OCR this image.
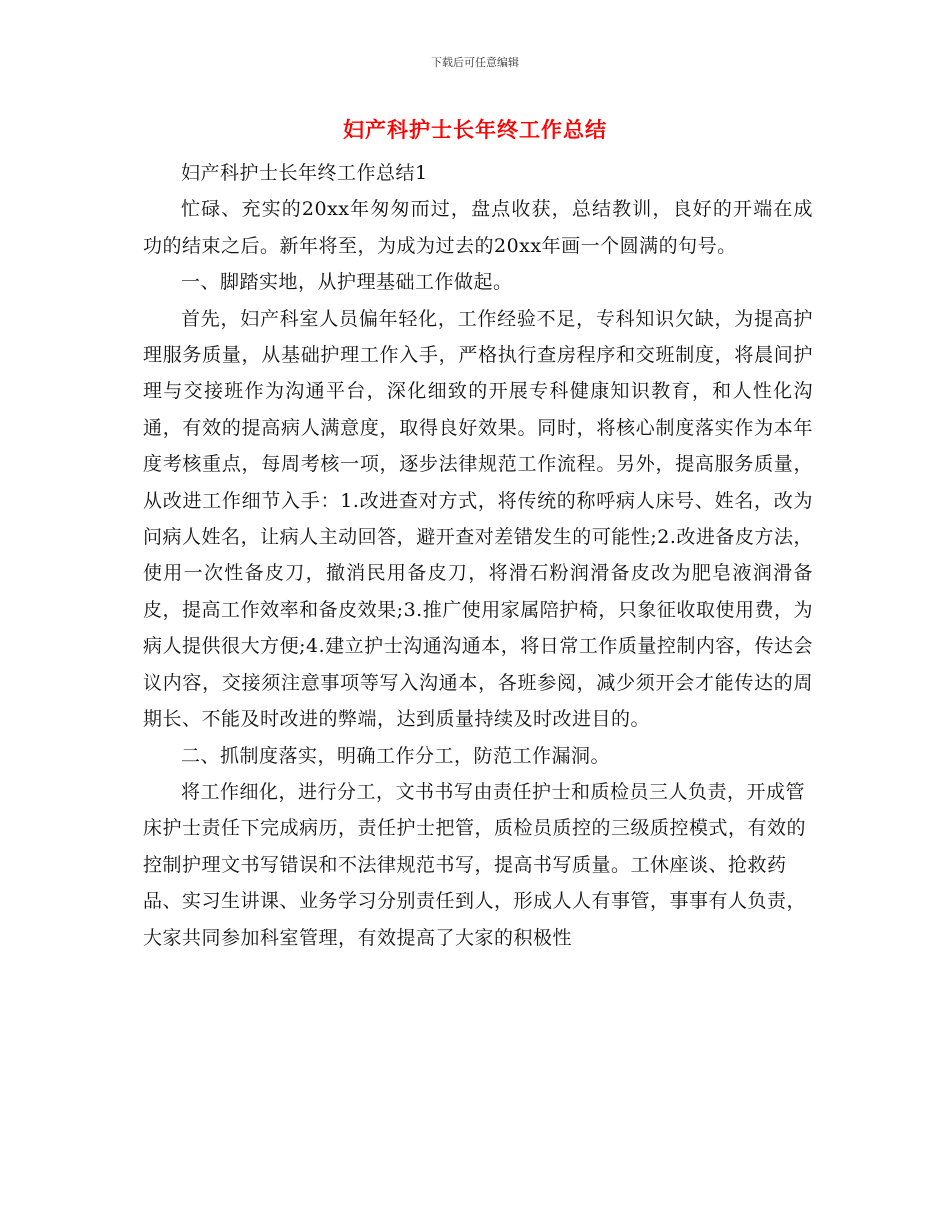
下载后可任意编辑
妇产科护士长年终工作总结

妇产科护士长年终工作总结1

忙碌、充实的20xx年匆匆而过，盘点收获，总结教训，良好的开端在成功的结束之后。新年将至，为成为过去的20xx年画一个圆满的句号。

一、脚踏实地，从护理基础工作做起。

首先，妇产科室人员偏年轻化，工作经验不足，专科知识欠缺，为提高护理服务质量，从基础护理工作入手，严格执行查房程序和交班制度，将晨间护理与交接班作为沟通平台，深化细致的开展专科健康知识教育，和人性化沟通，有效的提高病人满意度，取得良好效果。同时，将核心制度落实作为本年度考核重点，每周考核一项，逐步法律规范工作流程。另外，提高服务质量，从改进工作细节入手：1.改进查对方式，将传统的称呼病人床号、姓名，改为问病人姓名，让病人主动回答，避开查对差错发生的可能性;2.改进备皮方法，使用一次性备皮刀，撤消民用备皮刀，将滑石粉润滑备皮改为肥皂液润滑备皮，提高工作效率和备皮效果;3.推广使用家属陪护椅，只象征收取使用费，为病人提供很大方便;4.建立护士沟通沟通本，将日常工作质量控制内容，传达会议内容，交接须注意事项等写入沟通本，各班参阅，减少须开会才能传达的周期长、不能及时改进的弊端，达到质量持续及时改进目的。

二、抓制度落实，明确工作分工，防范工作漏洞。

将工作细化，进行分工，文书书写由责任护士和质检员三人负责，开成管床护士责任下完成病历，责任护士把管，质检员质控的三级质控模式，有效的控制护理文书写错误和不法律规范书写，提高书写质量。工休座谈、抢救药品、实习生讲课、业务学习分别责任到人，形成人人有事管，事事有人负责，大家共同参加科室管理，有效提高了大家的积极性
